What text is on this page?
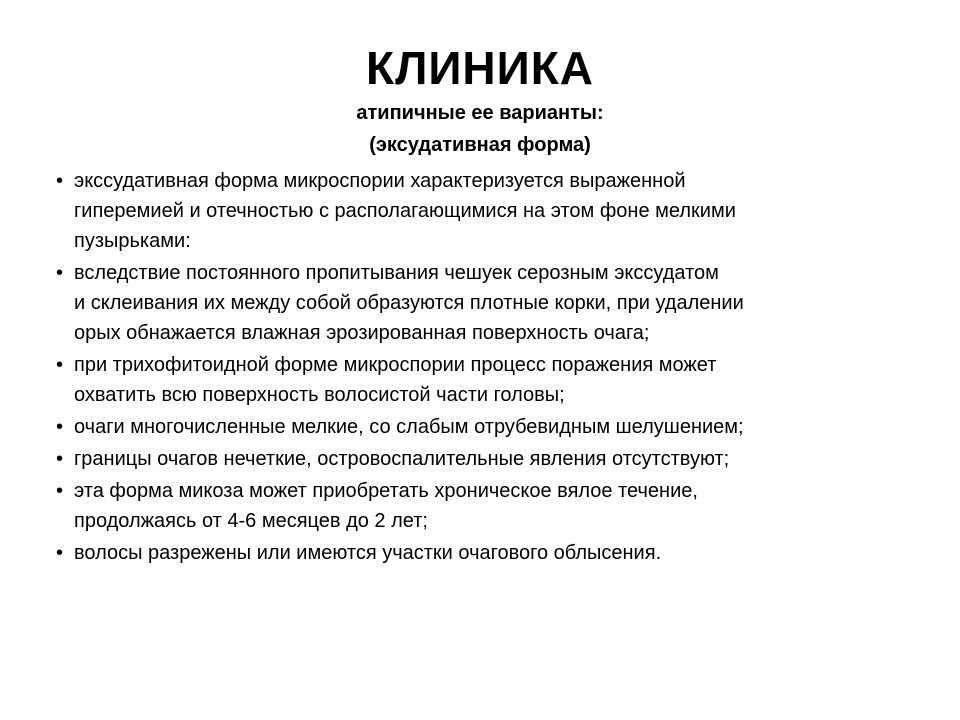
КЛИНИКА

атипичные ее варианты:

(эксудативная форма)

• экссудативная форма микроспории характеризуется выраженной
гиперемией и отечностью с располагающимися на этом фоне мелкими
пузырьками:
• вследствие постоянного пропитывания чешуек серозным экссудатом
и склеивания их между собой образуются плотные корки, при удалении
орых обнажается влажная эрозированная поверхность очага;
• при трихофитоидной форме микроспории процесс поражения может
охватить всю поверхность волосистой части головы;
• очаги многочисленные мелкие, со слабым отрубевидным шелушением;
• границы очагов нечеткие, островоспалительные явления отсутствуют;
• эта форма микоза может приобретать хроническое вялое течение,
продолжаясь от 4-6 месяцев до 2 лет;
• волосы разрежены или имеются участки очагового облысения.
